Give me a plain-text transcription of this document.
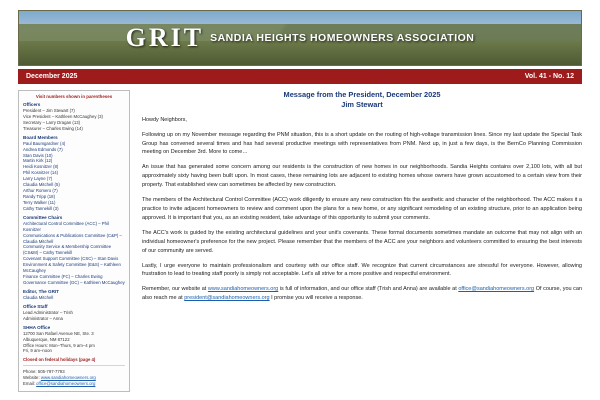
GRIT SANDIA HEIGHTS HOMEOWNERS ASSOCIATION
December 2025	Vol. 41 - No. 12
Visit numbers shown in parentheses
Officers
President – Jim Stewart (7)
Vice President – Kathleen McCaughey (3)
Secretary – Larry Dragan (13)
Treasurer – Charles Ewing (14)
Board Members
Paul Baumgardner (4)
Andrea Edmonds (7)
Stan Davis (10)
Martin Kirk (12)
Heidi Kosnitzer (8)
Phil Kosnitzer (14)
Larry Layne (7)
Claudia Mitchell (5)
Arthur Romero (7)
Randy Tripp (18)
Terry Walker (11)
Cathy Tannekill (3)
Committee Chairs
Architectural Control Committee (ACC) – Phil Kosnitzer
Communications & Publications Committee (C&P) – Claudia Mitchell
Community Service & Membership Committee (CS&M) – Cathy Tannekill
Covenant Support Committee (CSC) – Stan Davis
Environment & Safety Committee (E&S) – Kathleen McCaughey
Finance Committee (FC) – Charles Ewing
Governance Committee (GC) – Kathleen McCaughey
Editor, The GRIT
Claudia Mitchell
Office Staff
Lead Administrator – Trish
Administrator – Anna
SHHA Office
12700 San Rafael Avenue NE, Ste. 3
Albuquerque, NM 87122
Office Hours: Mon–Thurs, 9 am–4 pm
Fri, 9 am–noon
Closed on federal holidays (page 4)
Phone: 505-797-7793
Website: www.sandiahomeowners.org
Email: office@sandiahomeowners.org
Message from the President, December 2025
Jim Stewart

Howdy Neighbors,

Following up on my November message regarding the PNM situation, this is a short update on the routing of high-voltage transmission lines. Since my last update the Special Task Group has convened several times and has had several productive meetings with representatives from PNM. Next up, in just a few days, is the BernCo Planning Commission meeting on December 3rd. More to come…

An issue that has generated some concern among our residents is the construction of new homes in our neighborhoods. Sandia Heights contains over 2,100 lots, with all but approximately sixty having been built upon. In most cases, these remaining lots are adjacent to existing homes whose owners have grown accustomed to a certain view from their property. That established view can sometimes be affected by new construction.

The members of the Architectural Control Committee (ACC) work diligently to ensure any new construction fits the aesthetic and character of the neighborhood. The ACC makes it a practice to invite adjacent homeowners to review and comment upon the plans for a new home, or any significant remodeling of an existing structure, prior to an application being approved. It is important that you, as an existing resident, take advantage of this opportunity to submit your comments.

The ACC's work is guided by the existing architectural guidelines and your unit's covenants. These formal documents sometimes mandate an outcome that may not align with an individual homeowner's preference for the new project. Please remember that the members of the ACC are your neighbors and volunteers committed to ensuring the best interests of our community are served.

Lastly, I urge everyone to maintain professionalism and courtesy with our office staff. We recognize that current circumstances are stressful for everyone. However, allowing frustration to lead to treating staff poorly is simply not acceptable. Let's all strive for a more positive and respectful environment.

Remember, our website at www.sandiahomeowners.org is full of information, and our office staff (Trish and Anna) are available at office@sandiahomeowners.org Of course, you can also reach me at president@sandiahomeowners.org I promise you will receive a response.
